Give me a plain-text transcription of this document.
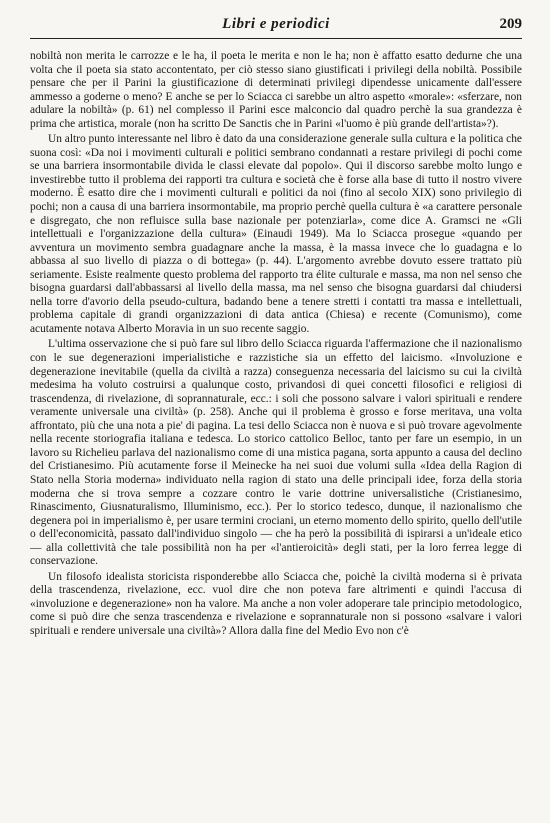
Libri e periodici	209

nobiltà non merita le carrozze e le ha, il poeta le merita e non le ha; non è affatto esatto dedurne che una volta che il poeta sia stato accontentato, per ciò stesso siano giustificati i privilegi della nobiltà. Possibile pensare che per il Parini la giustificazione di determinati privilegi dipendesse unicamente dall'essere ammesso a goderne o meno? E anche se per lo Sciacca ci sarebbe un altro aspetto «morale»: «sferzare, non adulare la nobiltà» (p. 61) nel complesso il Parini esce malconcio dal quadro perchè la sua grandezza è prima che artistica, morale (non ha scritto De Sanctis che in Parini «l'uomo è più grande dell'artista»?).

Un altro punto interessante nel libro è dato da una considerazione generale sulla cultura e la politica che suona così: «Da noi i movimenti culturali e politici sembrano condannati a restare privilegi di pochi come se una barriera insormontabile divida le classi elevate dal popolo». Qui il discorso sarebbe molto lungo e investirebbe tutto il problema dei rapporti tra cultura e società che è forse alla base di tutto il nostro vivere moderno. È esatto dire che i movimenti culturali e politici da noi (fino al secolo XIX) sono privilegio di pochi; non a causa di una barriera insormontabile, ma proprio perchè quella cultura è «a carattere personale e disgregato, che non refluisce sulla base nazionale per potenziarla», come dice A. Gramsci ne «Gli intellettuali e l'organizzazione della cultura» (Einaudi 1949). Ma lo Sciacca prosegue «quando per avventura un movimento sembra guadagnare anche la massa, è la massa invece che lo guadagna e lo abbassa al suo livello di piazza o di bottega» (p. 44). L'argomento avrebbe dovuto essere trattato più seriamente. Esiste realmente questo problema del rapporto tra élite culturale e massa, ma non nel senso che bisogna guardarsi dall'abbassarsi al livello della massa, ma nel senso che bisogna guardarsi dal chiudersi nella torre d'avorio della pseudo-cultura, badando bene a tenere stretti i contatti tra massa e intellettuali, problema capitale di grandi organizzazioni di data antica (Chiesa) e recente (Comunismo), come acutamente notava Alberto Moravia in un suo recente saggio.

L'ultima osservazione che si può fare sul libro dello Sciacca riguarda l'affermazione che il nazionalismo con le sue degenerazioni imperialistiche e razzistiche sia un effetto del laicismo. «Involuzione e degenerazione inevitabile (quella da civiltà a razza) conseguenza necessaria del laicismo su cui la civiltà medesima ha voluto costruirsi a qualunque costo, privandosi di quei concetti filosofici e religiosi di trascendenza, di rivelazione, di soprannaturale, ecc.: i soli che possono salvare i valori spirituali e rendere veramente universale una civiltà» (p. 258). Anche qui il problema è grosso e forse meritava, una volta affrontato, più che una nota a pie' di pagina. La tesi dello Sciacca non è nuova e si può trovare agevolmente nella recente storiografia italiana e tedesca. Lo storico cattolico Belloc, tanto per fare un esempio, in un lavoro su Richelieu parlava del nazionalismo come di una mistica pagana, sorta appunto a causa del declino del Cristianesimo. Più acutamente forse il Meinecke ha nei suoi due volumi sulla «Idea della Ragion di Stato nella Storia moderna» individuato nella ragion di stato una delle principali idee, forza della storia moderna che si trova sempre a cozzare contro le varie dottrine universalistiche (Cristianesimo, Rinascimento, Giusnaturalismo, Illuminismo, ecc.). Per lo storico tedesco, dunque, il nazionalismo che degenera poi in imperialismo è, per usare termini crociani, un eterno momento dello spirito, quello dell'utile o dell'economicità, passato dall'individuo singolo — che ha però la possibilità di ispirarsi a un'ideale etico — alla collettività che tale possibilità non ha per «l'antieroicità» degli stati, per la loro ferrea legge di conservazione.

Un filosofo idealista storicista risponderebbe allo Sciacca che, poichè la civiltà moderna si è privata della trascendenza, rivelazione, ecc. vuol dire che non poteva fare altrimenti e quindi l'accusa di «involuzione e degenerazione» non ha valore. Ma anche a non voler adoperare tale principio metodologico, come si può dire che senza trascendenza e rivelazione e soprannaturale non si possono «salvare i valori spirituali e rendere universale una civiltà»? Allora dalla fine del Medio Evo non c'è
